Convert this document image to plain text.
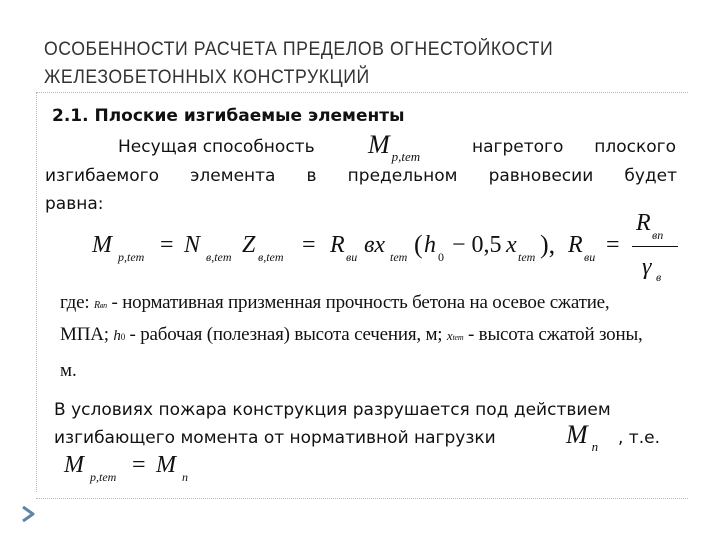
ОСОБЕННОСТИ РАСЧЕТА ПРЕДЕЛОВ ОГНЕСТОЙКОСТИ
ЖЕЛЕЗОБЕТОННЫХ КОНСТРУКЦИЙ
2.1. Плоские изгибаемые элементы
Несущая способность M $_{p,tem}$	нагретого плоского
изгибаемого элемента в предельном равновесии будет
равна:
M p,tem = N в,tem Z в,tem = R ви вx tem ( h 0 − 0,5 x tem ), R ви =
R вп
γ в
где: Rвп - нормативная призменная прочность бетона на осевое сжатие,
МПА; h0 - рабочая (полезная) высота сечения, м; xtem - высота сжатой зоны,
м.
В условиях пожара конструкция разрушается под действием
изгибающего момента от нормативной нагрузки	M $_n$ , т.е.
M p,tem = M n
